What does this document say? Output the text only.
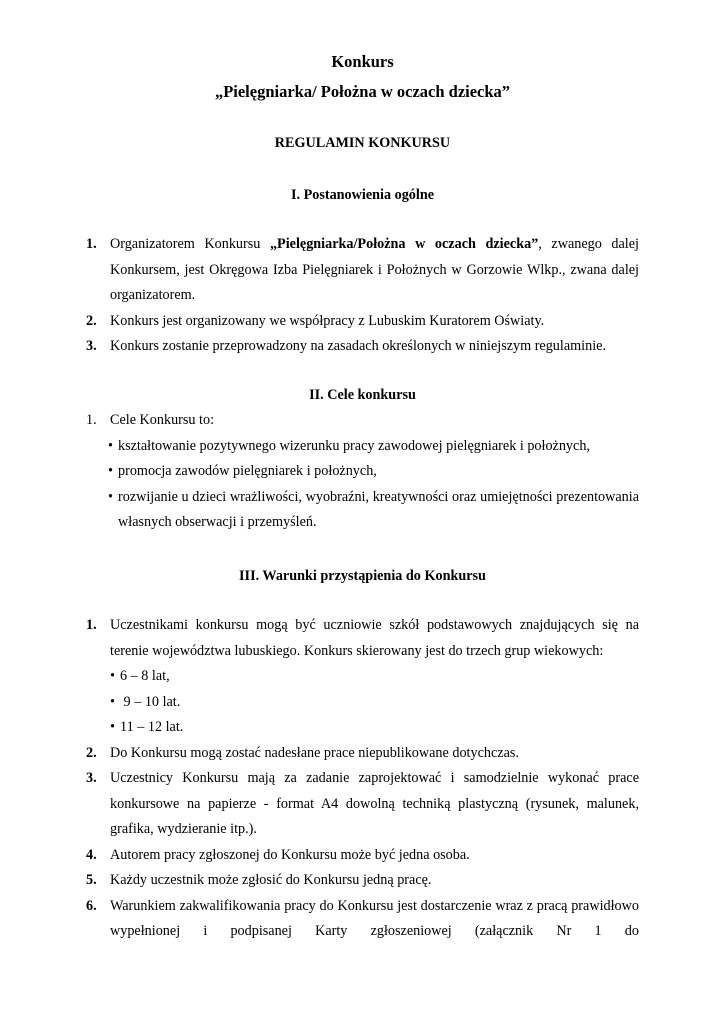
Konkurs

„Pielęgniarka/ Położna w oczach dziecka”

REGULAMIN KONKURSU

I. Postanowienia ogólne

1. Organizatorem Konkursu „Pielęgniarka/Położna w oczach dziecka”, zwanego dalej Konkursem, jest Okręgowa Izba Pielęgniarek i Położnych w Gorzowie Wlkp., zwana dalej organizatorem.

2. Konkurs jest organizowany we współpracy z Lubuskim Kuratorem Oświaty.

3. Konkurs zostanie przeprowadzony na zasadach określonych w niniejszym regulaminie.

II. Cele konkursu

1. Cele Konkursu to:

• kształtowanie pozytywnego wizerunku pracy zawodowej pielęgniarek i położnych,

• promocja zawodów pielęgniarek i położnych,

• rozwijanie u dzieci wrażliwości, wyobraźni, kreatywności oraz umiejętności prezentowania własnych obserwacji i przemyśleń.

III. Warunki przystąpienia do Konkursu

1. Uczestnikami konkursu mogą być uczniowie szkół podstawowych znajdujących się na terenie województwa lubuskiego. Konkurs skierowany jest do trzech grup wiekowych:

• 6 – 8 lat,

• 9 – 10 lat.

• 11 – 12 lat.

2. Do Konkursu mogą zostać nadesłane prace niepublikowane dotychczas.

3. Uczestnicy Konkursu mają za zadanie zaprojektować i samodzielnie wykonać prace konkursowe na papierze - format A4 dowolną techniką plastyczną (rysunek, malunek, grafika, wydzieranie itp.).

4. Autorem pracy zgłoszonej do Konkursu może być jedna osoba.

5. Każdy uczestnik może zgłosić do Konkursu jedną pracę.

6. Warunkiem zakwalifikowania pracy do Konkursu jest dostarczenie wraz z pracą prawidłowo wypełnionej i podpisanej Karty zgłoszeniowej (załącznik Nr 1 do
